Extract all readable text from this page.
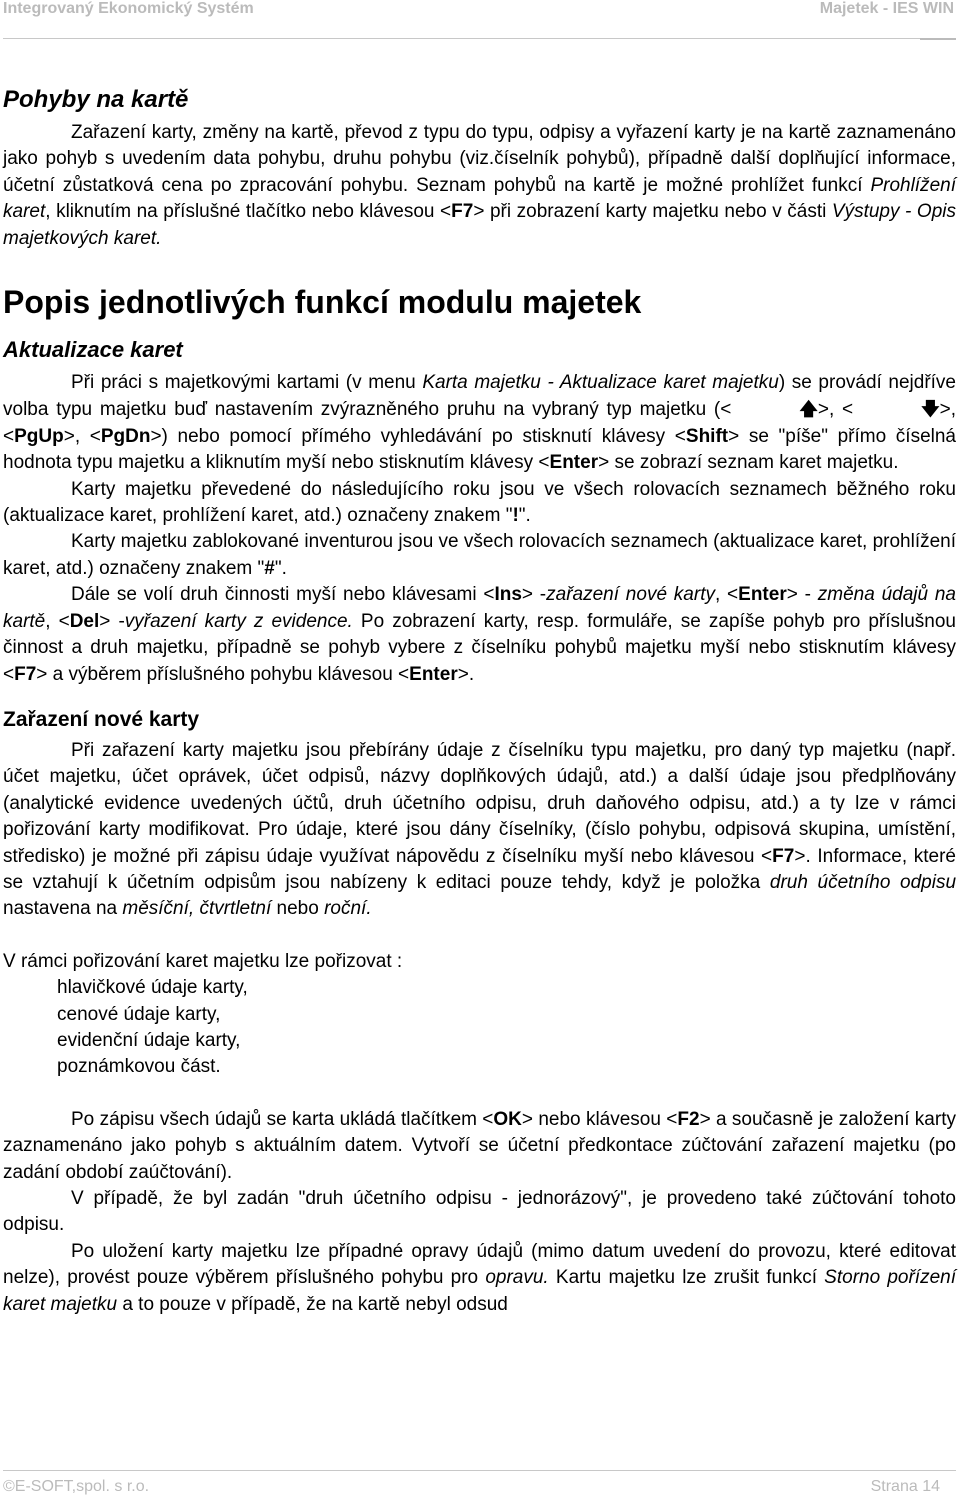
Integrovaný Ekonomický Systém	Majetek - IES WIN
Pohyby na kartě

Zařazení karty, změny na kartě, převod z typu do typu, odpisy a vyřazení karty je na kartě zaznamenáno jako pohyb s uvedením data pohybu, druhu pohybu (viz.číselník pohybů), případně další doplňující informace, účetní zůstatková cena po zpracování pohybu. Seznam pohybů na kartě je možné prohlížet funkcí Prohlížení karet, kliknutím na příslušné tlačítko nebo klávesou <F7> při zobrazení karty majetku nebo v části Výstupy - Opis majetkových karet.

Popis jednotlivých funkcí modulu majetek
Aktualizace karet

Při práci s majetkovými kartami (v menu Karta majetku - Aktualizace karet majetku) se provádí nejdříve volba typu majetku buď nastavením zvýrazněného pruhu na vybraný typ majetku (<	🡅>, <	🡇>, <PgUp>, <PgDn>) nebo pomocí přímého vyhledávání po stisknutí klávesy <Shift> se "píše" přímo číselná hodnota typu majetku a kliknutím myší nebo stisknutím klávesy <Enter> se zobrazí seznam karet majetku.

Karty majetku převedené do následujícího roku jsou ve všech rolovacích seznamech běžného roku (aktualizace karet, prohlížení karet, atd.) označeny znakem "!".

Karty majetku zablokované inventurou jsou ve všech rolovacích seznamech (aktualizace karet, prohlížení karet, atd.) označeny znakem "#".

Dále se volí druh činnosti myší nebo klávesami <Ins> -zařazení nové karty, <Enter> - změna údajů na kartě, <Del> -vyřazení karty z evidence. Po zobrazení karty, resp. formuláře, se zapíše pohyb pro příslušnou činnost a druh majetku, případně se pohyb vybere z číselníku pohybů majetku myší nebo stisknutím klávesy <F7> a výběrem příslušného pohybu klávesou <Enter>.

Zařazení nové karty

Při zařazení karty majetku jsou přebírány údaje z číselníku typu majetku, pro daný typ majetku (např. účet majetku, účet oprávek, účet odpisů, názvy doplňkových údajů, atd.) a další údaje jsou předplňovány (analytické evidence uvedených účtů, druh účetního odpisu, druh daňového odpisu, atd.) a ty lze v rámci pořizování karty modifikovat. Pro údaje, které jsou dány číselníky, (číslo pohybu, odpisová skupina, umístění, středisko) je možné při zápisu údaje využívat nápovědu z číselníku myší nebo klávesou <F7>. Informace, které se vztahují k účetním odpisům jsou nabízeny k editaci pouze tehdy, když je položka druh účetního odpisu nastavena na měsíční, čtvrtletní nebo roční.

V rámci pořizování karet majetku lze pořizovat :

hlavičkové údaje karty,
cenové údaje karty,
evidenční údaje karty,
poznámkovou část.

Po zápisu všech údajů se karta ukládá tlačítkem <OK> nebo klávesou <F2> a současně je založení karty zaznamenáno jako pohyb s aktuálním datem. Vytvoří se účetní předkontace zúčtování zařazení majetku (po zadání období zaúčtování).

V případě, že byl zadán "druh účetního odpisu - jednorázový", je provedeno také zúčtování tohoto odpisu.

Po uložení karty majetku lze případné opravy údajů (mimo datum uvedení do provozu, které editovat nelze), provést pouze výběrem příslušného pohybu pro opravu. Kartu majetku lze zrušit funkcí Storno pořízení karet majetku a to pouze v případě, že na kartě nebyl odsud

©E-SOFT,spol. s r.o.	Strana 14
